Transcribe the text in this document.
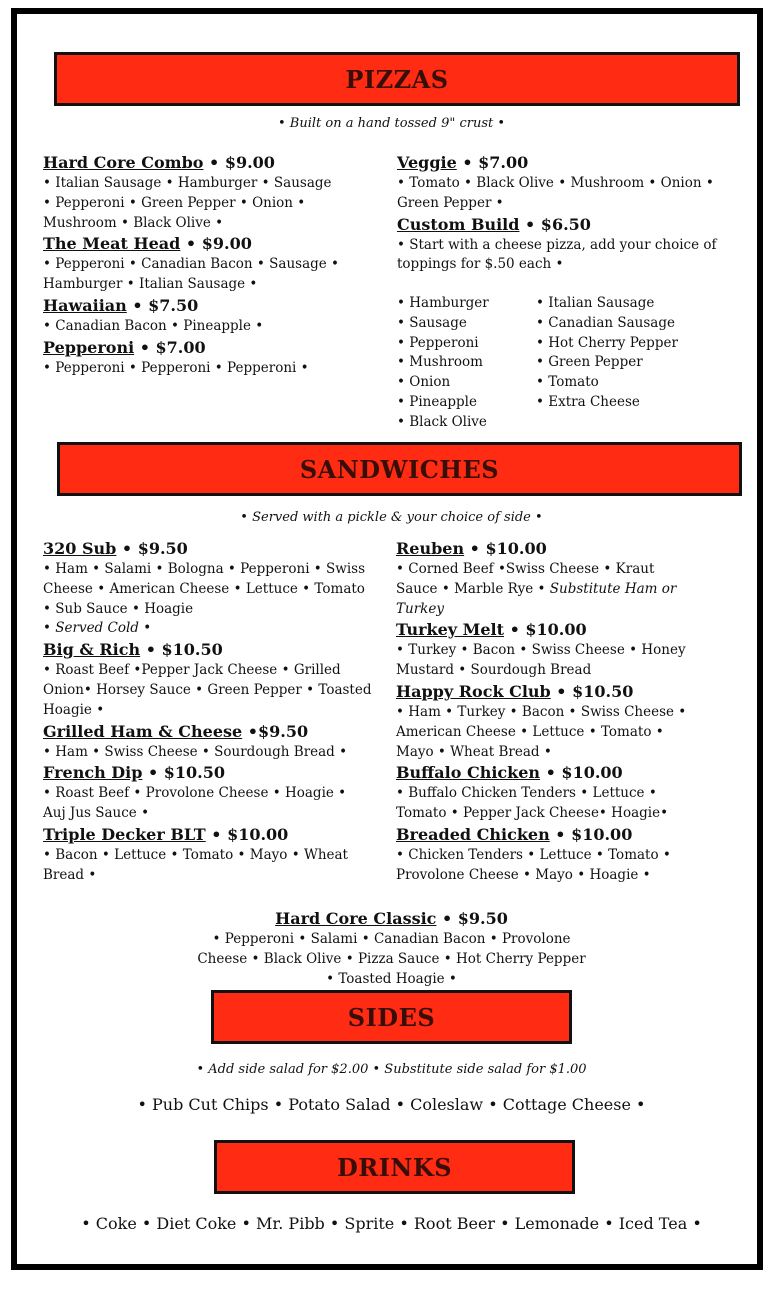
PIZZAS
• Built on a hand tossed 9" crust •
Hard Core Combo • $9.00
• Italian Sausage • Hamburger • Sausage • Pepperoni • Green Pepper • Onion • Mushroom • Black Olive •
The Meat Head • $9.00
• Pepperoni • Canadian Bacon • Sausage • Hamburger • Italian Sausage •
Hawaiian • $7.50
• Canadian Bacon • Pineapple •
Pepperoni • $7.00
• Pepperoni • Pepperoni • Pepperoni •
Veggie • $7.00
• Tomato • Black Olive • Mushroom • Onion • Green Pepper •
Custom Build • $6.50
• Start with a cheese pizza, add your choice of toppings for $.50 each •
• Hamburger
• Sausage
• Pepperoni
• Mushroom
• Onion
• Pineapple
• Black Olive
• Italian Sausage
• Canadian Sausage
• Hot Cherry Pepper
• Green Pepper
• Tomato
• Extra Cheese
SANDWICHES
• Served with a pickle & your choice of side •
320 Sub • $9.50
• Ham • Salami • Bologna • Pepperoni • Swiss Cheese • American Cheese • Lettuce • Tomato • Sub Sauce • Hoagie
• Served Cold •
Big & Rich • $10.50
• Roast Beef •Pepper Jack Cheese • Grilled Onion• Horsey Sauce • Green Pepper • Toasted Hoagie •
Grilled Ham & Cheese •$9.50
• Ham • Swiss Cheese • Sourdough Bread •
French Dip • $10.50
• Roast Beef • Provolone Cheese • Hoagie • Auj Jus Sauce •
Triple Decker BLT • $10.00
• Bacon • Lettuce • Tomato • Mayo • Wheat Bread •
Reuben • $10.00
• Corned Beef •Swiss Cheese • Kraut Sauce • Marble Rye • Substitute Ham or Turkey
Turkey Melt • $10.00
• Turkey • Bacon • Swiss Cheese • Honey Mustard • Sourdough Bread
Happy Rock Club • $10.50
• Ham • Turkey • Bacon • Swiss Cheese • American Cheese • Lettuce • Tomato • Mayo • Wheat Bread •
Buffalo Chicken • $10.00
• Buffalo Chicken Tenders • Lettuce • Tomato • Pepper Jack Cheese• Hoagie•
Breaded Chicken • $10.00
• Chicken Tenders • Lettuce • Tomato • Provolone Cheese • Mayo • Hoagie •
Hard Core Classic • $9.50
• Pepperoni • Salami • Canadian Bacon • Provolone Cheese • Black Olive • Pizza Sauce • Hot Cherry Pepper • Toasted Hoagie •
SIDES
• Add side salad for $2.00 • Substitute side salad for $1.00
• Pub Cut Chips • Potato Salad • Coleslaw • Cottage Cheese •
DRINKS
• Coke • Diet Coke • Mr. Pibb • Sprite • Root Beer • Lemonade • Iced Tea •
